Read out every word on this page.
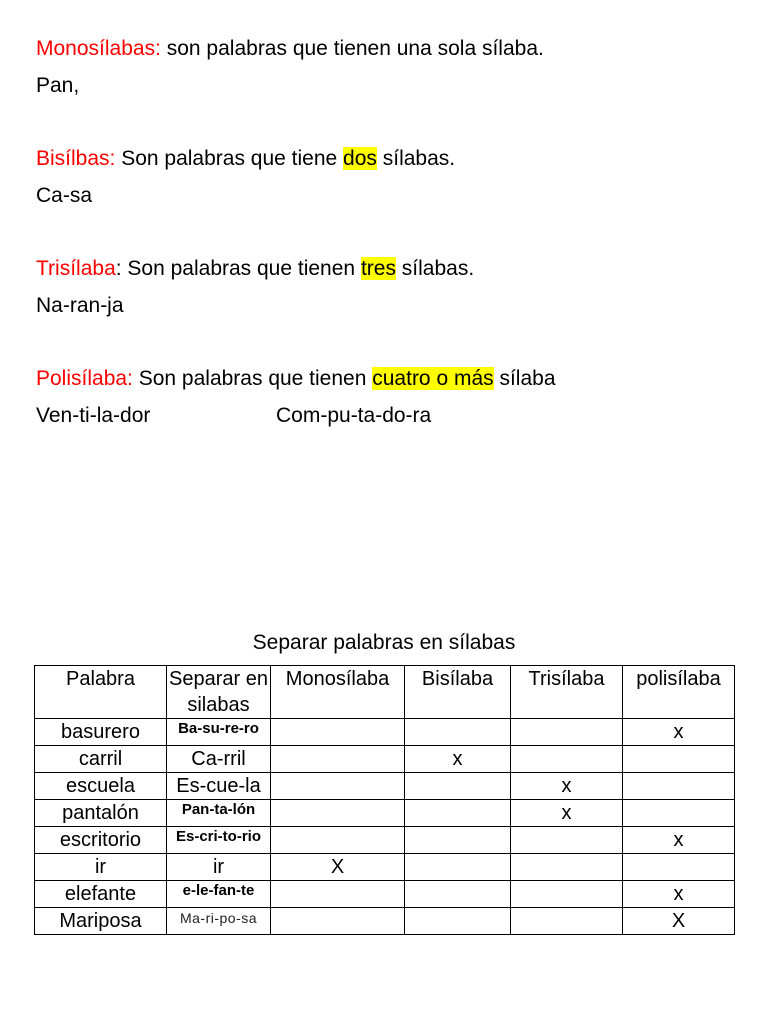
Monosílabas: son palabras que tienen una sola sílaba.
Pan,
Bisílbas: Son palabras que tiene dos sílabas.
Ca-sa
Trisílaba: Son palabras que tienen tres sílabas.
Na-ran-ja
Polisílaba: Son palabras que tienen cuatro o más sílaba
Ven-ti-la-dor	Com-pu-ta-do-ra
Separar palabras en sílabas
Palabra	Separar en silabas	Monosílaba	Bisílaba	Trisílaba	polisílaba
basurero	Ba-su-re-ro				x
carril	Ca-rril		x		
escuela	Es-cue-la			x	
pantalón	Pan-ta-lón			x	
escritorio	Es-cri-to-rio				x
ir	ir	X			
elefante	e-le-fan-te				x
Mariposa	Ma-ri-po-sa				X
